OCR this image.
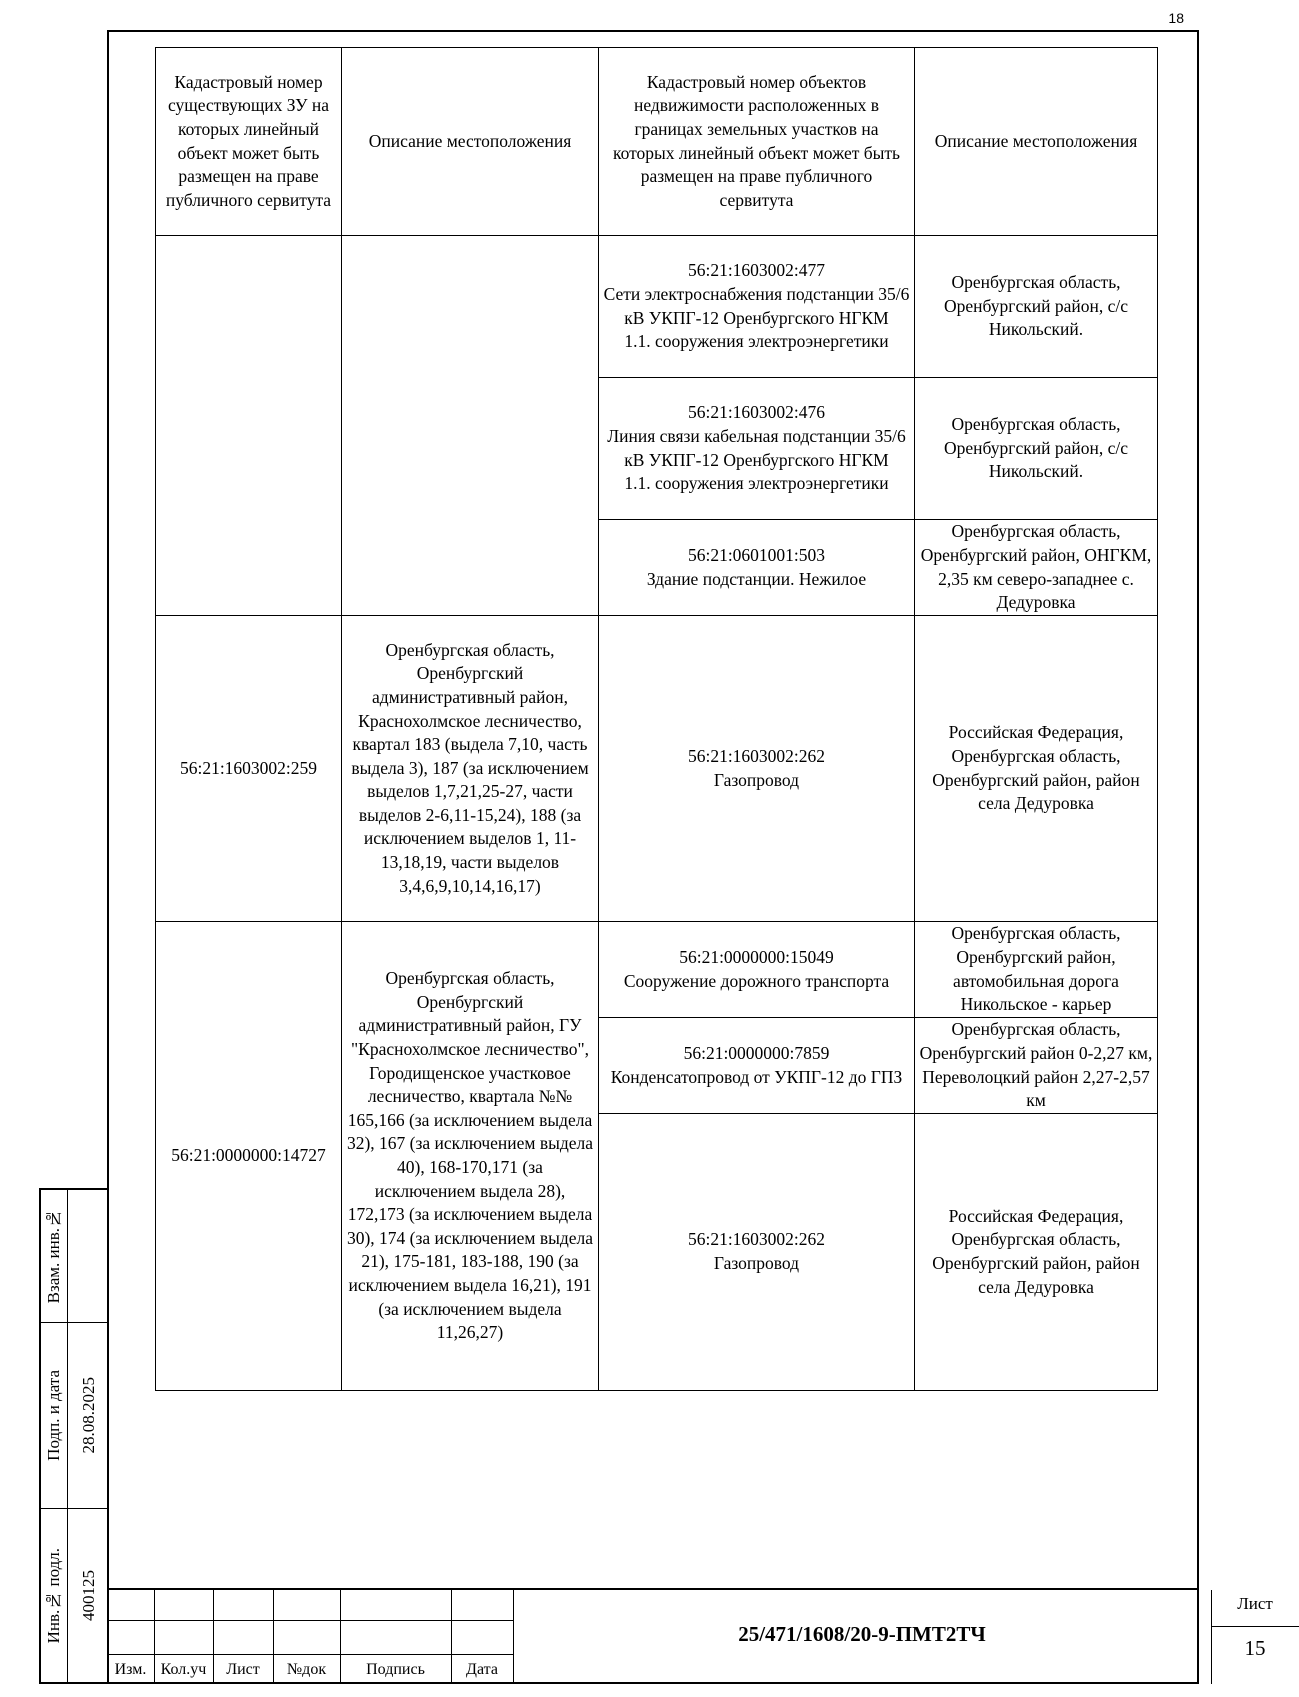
18
Взам. инв.№
Подп. и дата
Инв.№ подл.
28.08.2025
400125
Кадастровый номер существующих ЗУ на которых линейный объект может быть размещен на праве публичного сервитута	Описание местоположения	Кадастровый номер объектов недвижимости расположенных в границах земельных участков на которых линейный объект может быть размещен на праве публичного сервитута	Описание местоположения

		56:21:1603002:477
Сети электроснабжения подстанции 35/6 кВ УКПГ-12 Оренбургского НГКМ
1.1. сооружения электроэнергетики	Оренбургская область, Оренбургский район, с/с Никольский.

		56:21:1603002:476
Линия связи кабельная подстанции 35/6 кВ УКПГ-12 Оренбургского НГКМ
1.1. сооружения электроэнергетики	Оренбургская область, Оренбургский район, с/с Никольский.

		56:21:0601001:503
Здание подстанции. Нежилое	Оренбургская область, Оренбургский район, ОНГКМ, 2,35 км северо-западнее с. Дедуровка
56:21:1603002:259	Оренбургская область, Оренбургский административный район, Краснохолмское лесничество, квартал 183 (выдела 7,10, часть выдела 3), 187 (за исключением выделов 1,7,21,25-27, части выделов 2-6,11-15,24), 188 (за исключением выделов 1, 11-13,18,19, части выделов 3,4,6,9,10,14,16,17)	56:21:1603002:262
Газопровод	Российская Федерация, Оренбургская область, Оренбургский район, район села Дедуровка
56:21:0000000:14727	Оренбургская область, Оренбургский административный район, ГУ "Краснохолмское лесничество", Городищенское участковое лесничество, квартала №№ 165,166 (за исключением выдела 32), 167 (за исключением выдела 40), 168-170,171 (за исключением выдела 28), 172,173 (за исключением выдела 30), 174 (за исключением выдела 21), 175-181, 183-188, 190 (за исключением выдела 16,21), 191 (за исключением выдела 11,26,27)	56:21:0000000:15049
Сооружение дорожного транспорта	Оренбургская область, Оренбургский район, автомобильная дорога Никольское - карьер

		56:21:0000000:7859
Конденсатопровод от УКПГ-12 до ГПЗ	Оренбургская область, Оренбургский район 0-2,27 км, Переволоцкий район 2,27-2,57 км

		56:21:1603002:262
Газопровод	Российская Федерация, Оренбургская область, Оренбургский район, район села Дедуровка
Изм. Кол.уч	Лист	№док	Подпись	Дата
25/471/1608/20-9-ПМТ2ТЧ
Лист
15
